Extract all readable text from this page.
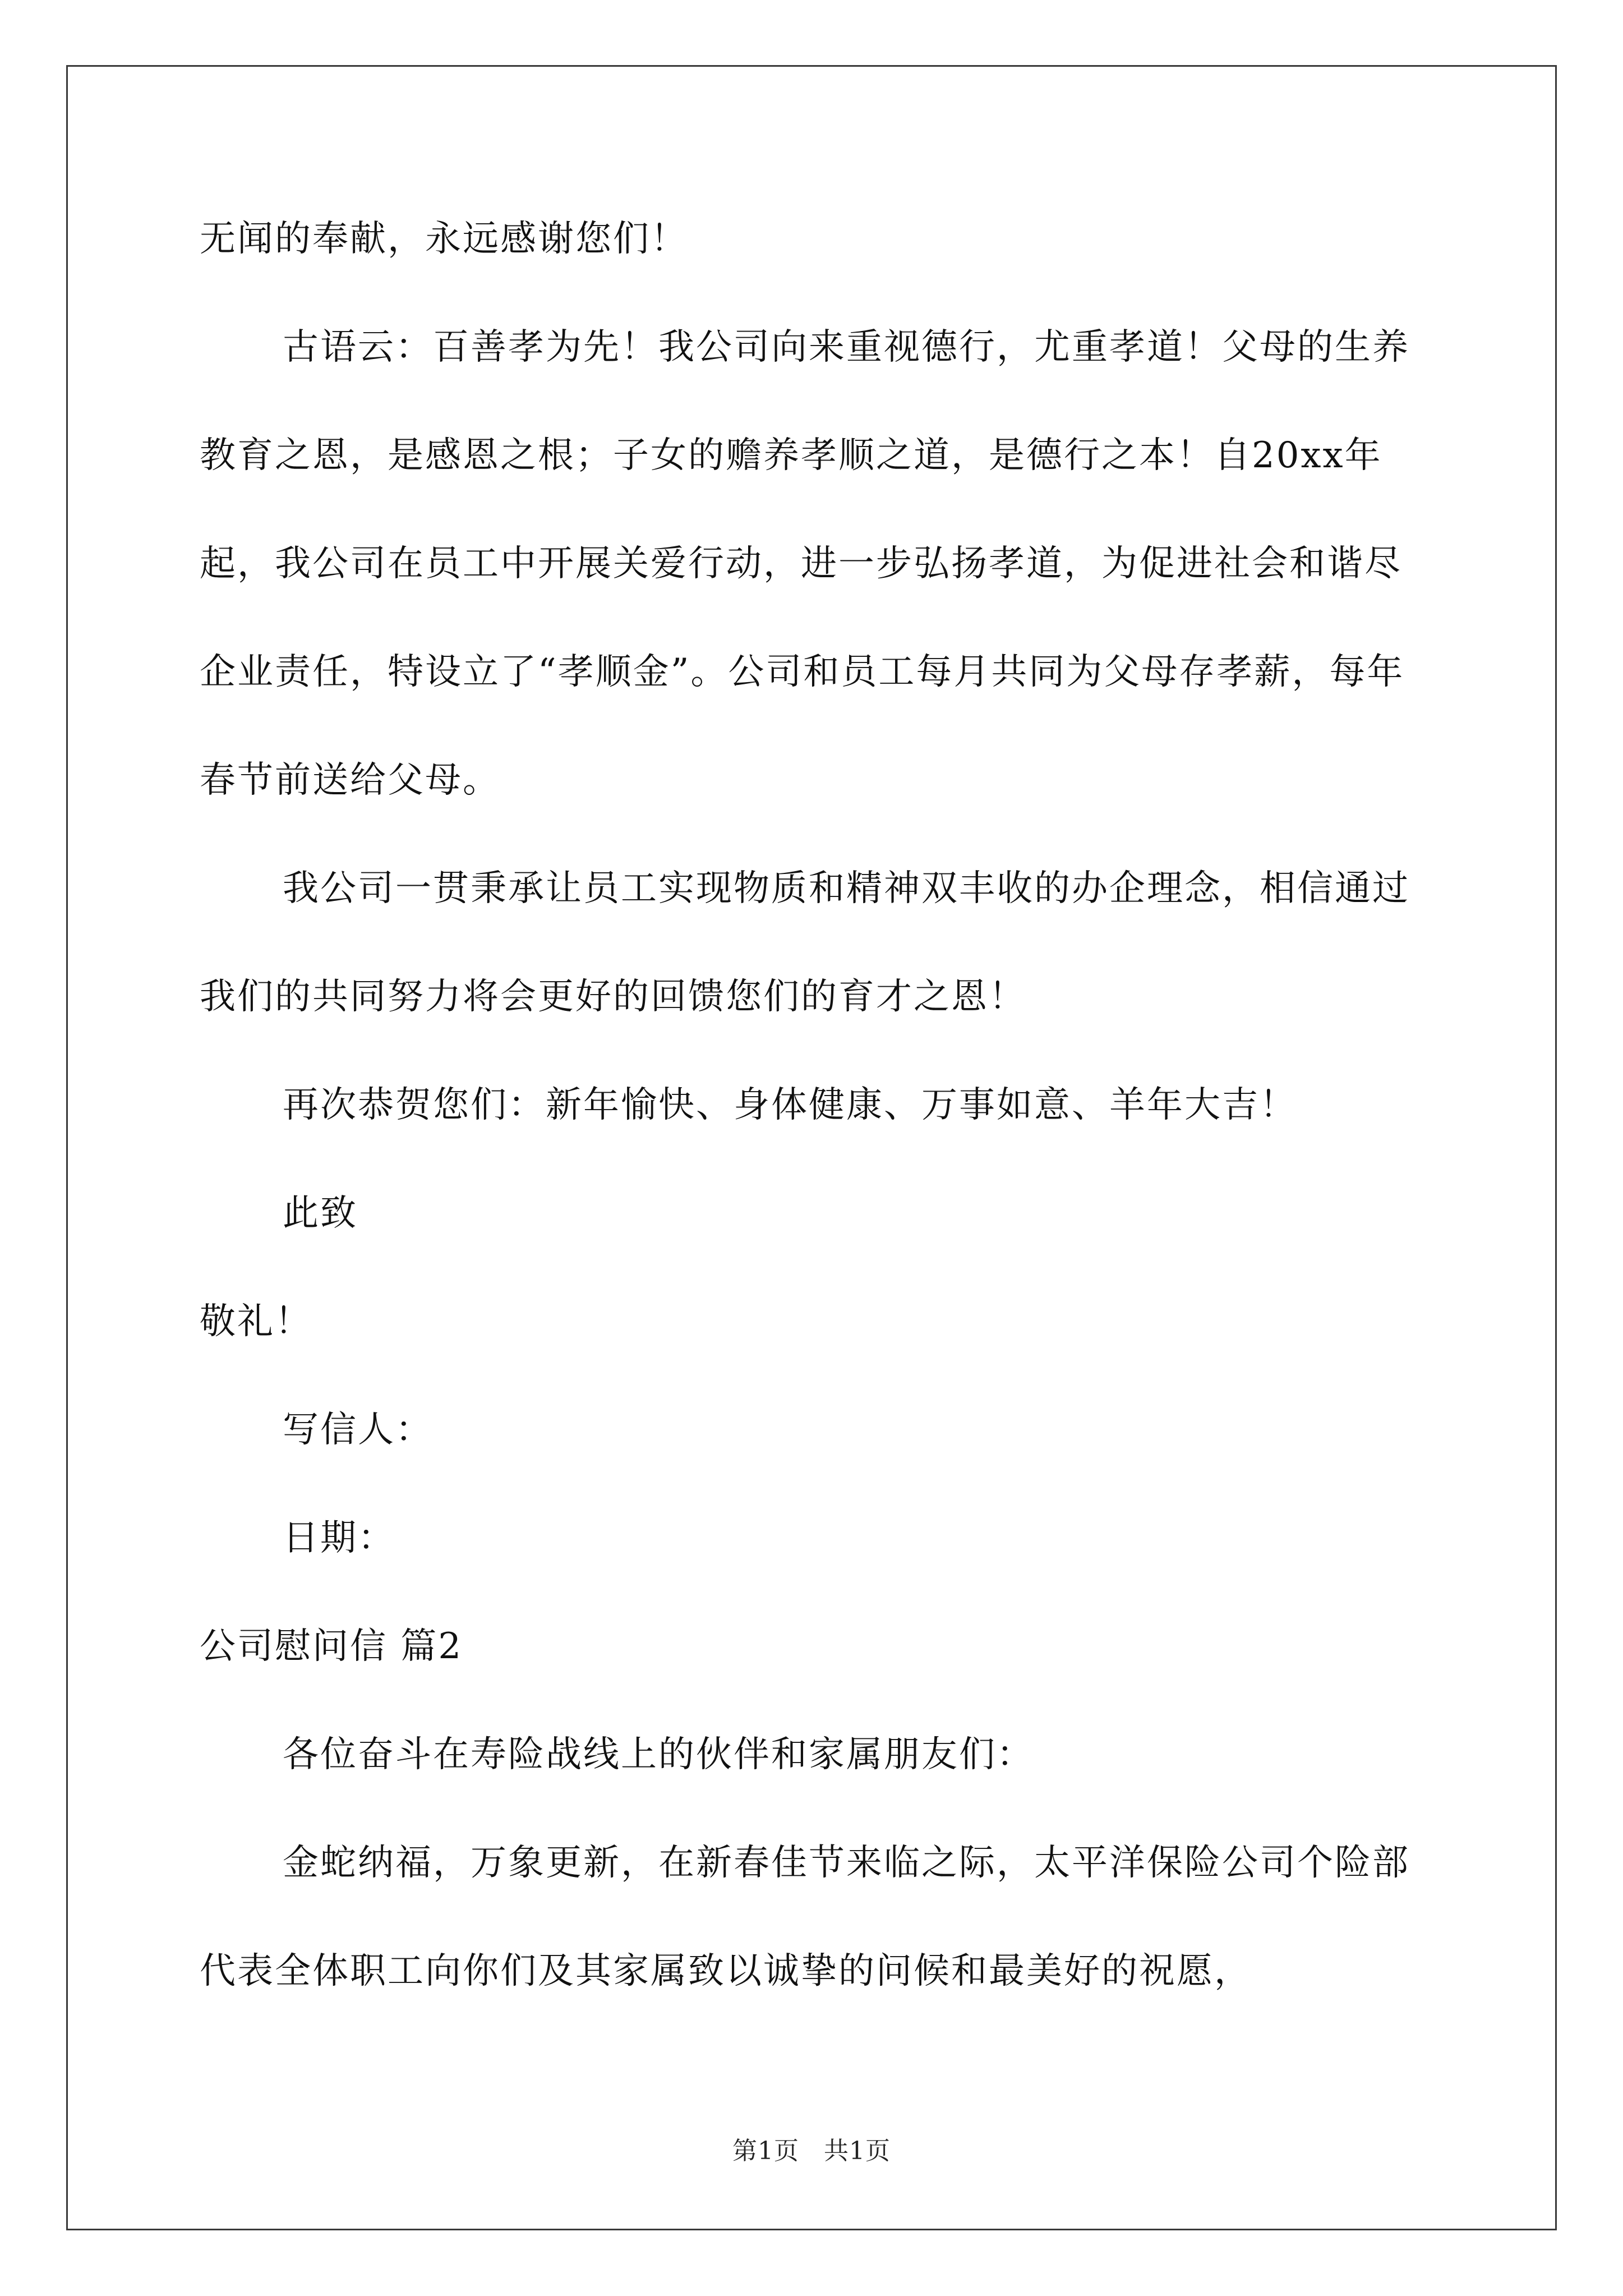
无闻的奉献，永远感谢您们！

古语云：百善孝为先！我公司向来重视德行，尤重孝道！父母的生养教育之恩，是感恩之根；子女的赡养孝顺之道，是德行之本！自20xx年起，我公司在员工中开展关爱行动，进一步弘扬孝道，为促进社会和谐尽企业责任，特设立了“孝顺金”。公司和员工每月共同为父母存孝薪，每年春节前送给父母。

我公司一贯秉承让员工实现物质和精神双丰收的办企理念，相信通过我们的共同努力将会更好的回馈您们的育才之恩！

再次恭贺您们：新年愉快、身体健康、万事如意、羊年大吉！

此致

敬礼！

写信人：

日期：

公司慰问信 篇2

各位奋斗在寿险战线上的伙伴和家属朋友们：

金蛇纳福，万象更新，在新春佳节来临之际，太平洋保险公司个险部代表全体职工向你们及其家属致以诚挚的问候和最美好的祝愿，

第1页 共1页
